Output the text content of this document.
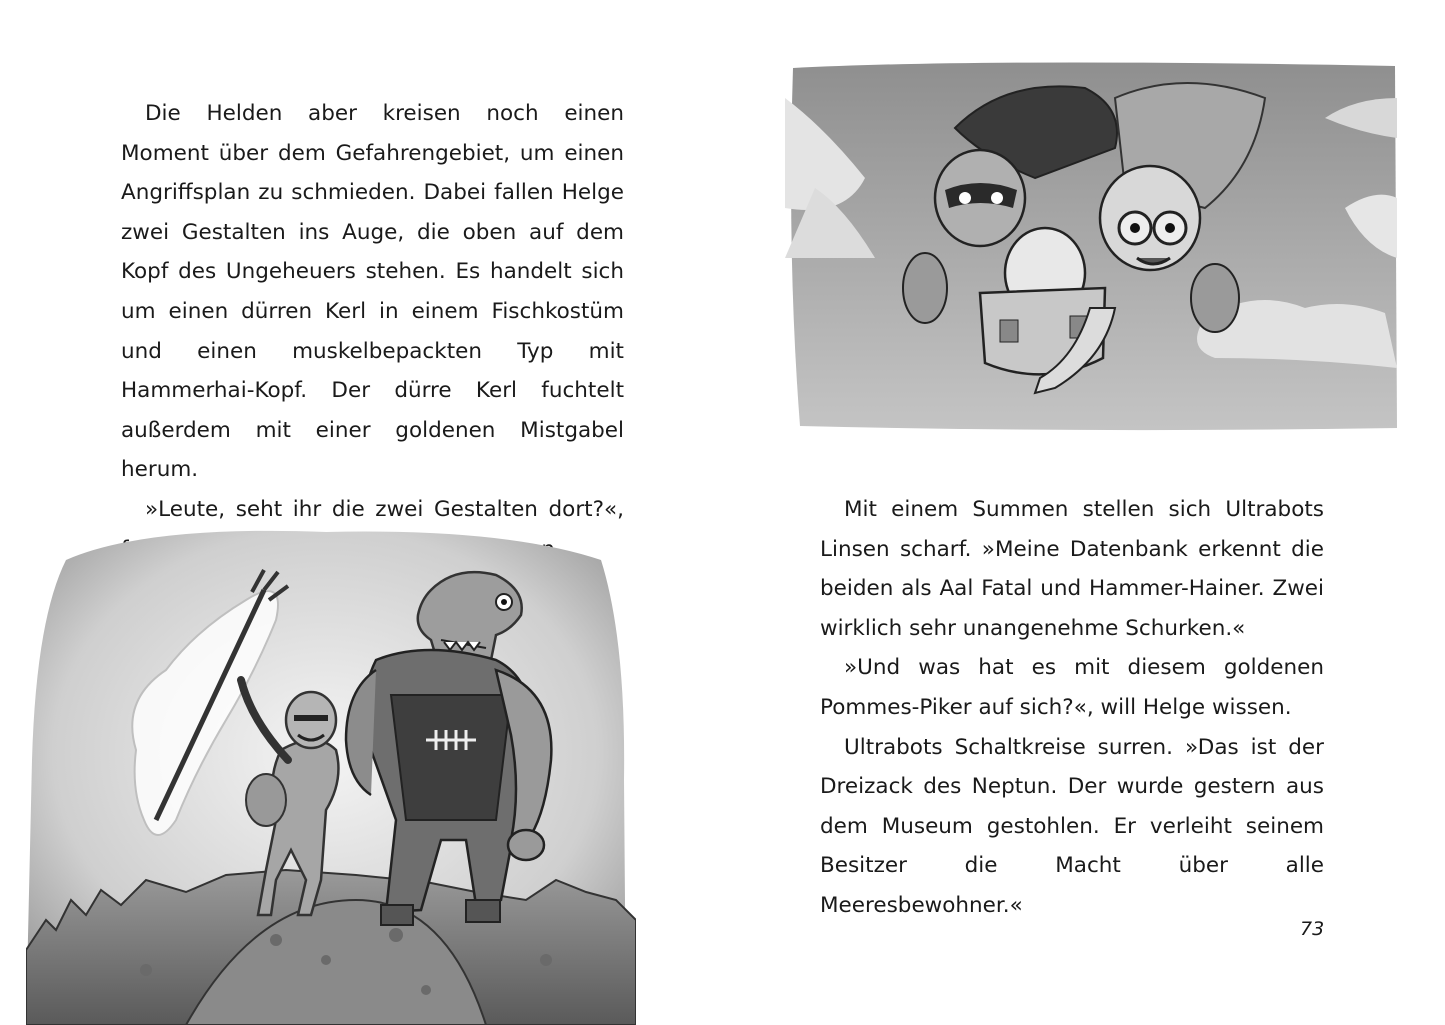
Die Helden aber kreisen noch einen Moment über dem Gefahrengebiet, um einen Angriffsplan zu schmieden. Dabei fallen Helge zwei Gestalten ins Auge, die oben auf dem Kopf des Ungeheuers stehen. Es handelt sich um einen dürren Kerl in einem Fischkostüm und einen muskelbepackten Typ mit Hammerhai-Kopf. Der dürre Kerl fuchtelt außerdem mit einer goldenen Mistgabel herum.

»Leute, seht ihr die zwei Gestalten dort?«,	Mit einem Summen stellen sich Ultrabots Linsen scharf. »Meine Datenbank erkennt die beiden als Aal Fatal und Hammer-Hainer. Zwei wirklich sehr unangenehme Schurken.«

»Und was hat es mit diesem goldenen Pommes-Piker auf sich?«, will Helge wissen.

Ultrabots Schaltkreise surren. »Das ist der Dreizack des Neptun. Der wurde gestern aus dem Museum gestohlen. Er verleiht seinem Besitzer die Macht über alle Meeresbewohner.«

73
